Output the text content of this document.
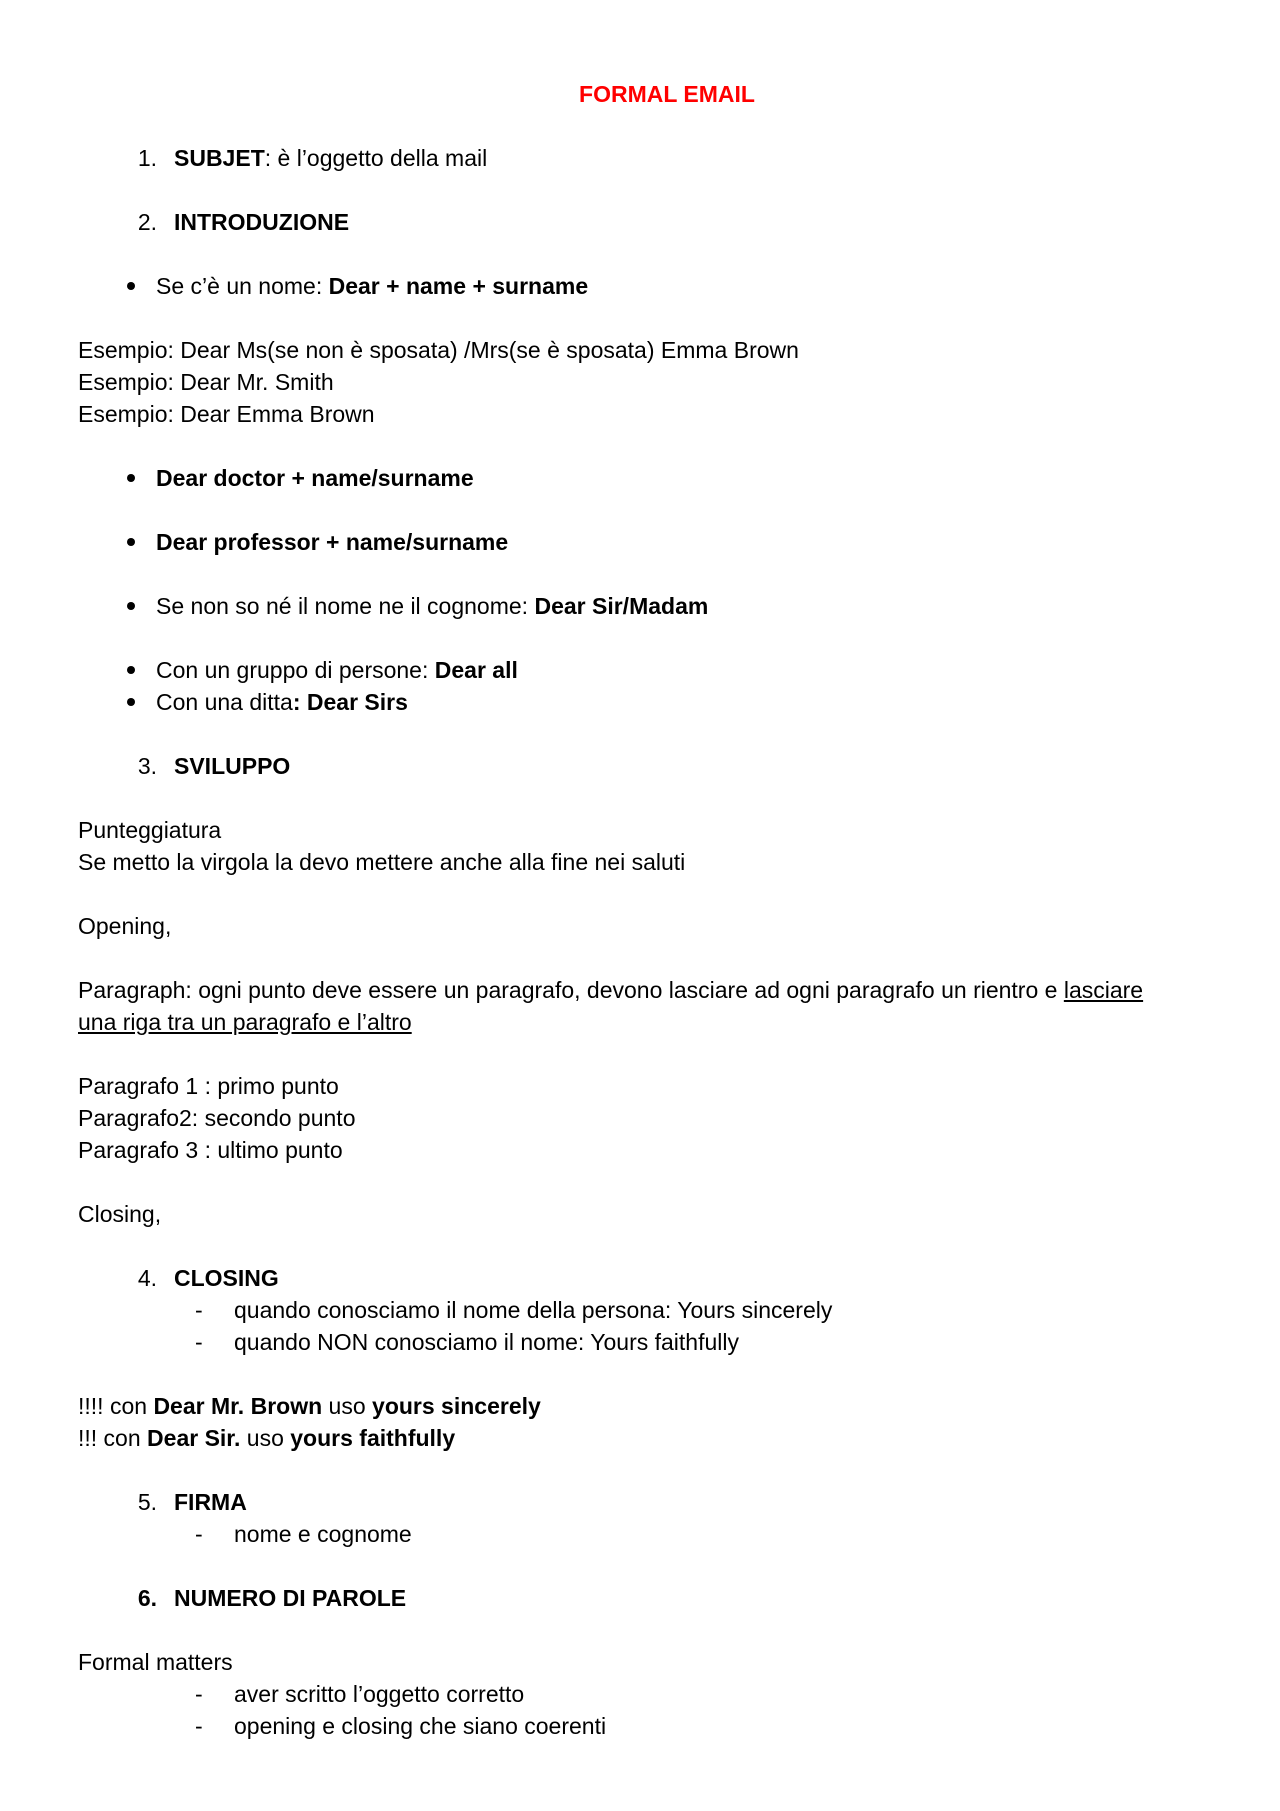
FORMAL EMAIL
1. SUBJET: è l’oggetto della mail
2. INTRODUZIONE
Se c’è un nome: Dear + name + surname
Esempio: Dear Ms(se non è sposata) /Mrs(se è sposata) Emma Brown
Esempio: Dear Mr. Smith
Esempio: Dear Emma Brown
Dear doctor + name/surname
Dear professor + name/surname
Se non so né il nome ne il cognome: Dear Sir/Madam
Con un gruppo di persone: Dear all
Con una ditta: Dear Sirs
3. SVILUPPO
Punteggiatura
Se metto la virgola la devo mettere anche alla fine nei saluti
Opening,
Paragraph: ogni punto deve essere un paragrafo, devono lasciare ad ogni paragrafo un rientro e lasciare
una riga tra un paragrafo e l’altro
Paragrafo 1 : primo punto
Paragrafo2: secondo punto
Paragrafo 3 : ultimo punto
Closing,
4. CLOSING
-	quando conosciamo il nome della persona: Yours sincerely
-	quando NON conosciamo il nome: Yours faithfully
!!!! con Dear Mr. Brown uso yours sincerely
!!! con Dear Sir. uso yours faithfully
5. FIRMA
-	nome e cognome
6. NUMERO DI PAROLE
Formal matters
-	aver scritto l’oggetto corretto
-	opening e closing che siano coerenti
